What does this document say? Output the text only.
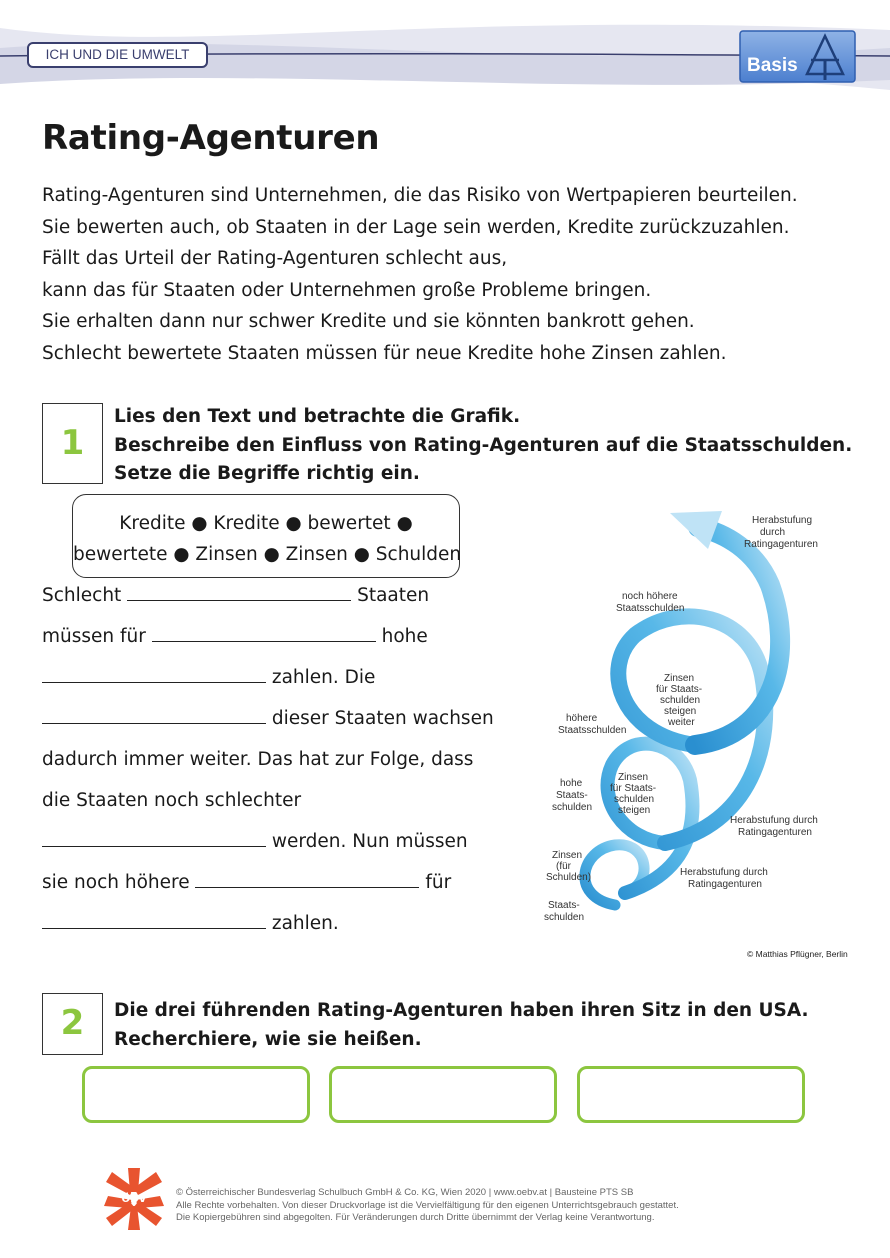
ICH UND DIE UMWELT
Basis
Rating-Agenturen
Rating-Agenturen sind Unternehmen, die das Risiko von Wertpapieren beurteilen.
Sie bewerten auch, ob Staaten in der Lage sein werden, Kredite zurückzuzahlen.
Fällt das Urteil der Rating-Agenturen schlecht aus,
kann das für Staaten oder Unternehmen große Probleme bringen.
Sie erhalten dann nur schwer Kredite und sie könnten bankrott gehen.
Schlecht bewertete Staaten müssen für neue Kredite hohe Zinsen zahlen.
1
Lies den Text und betrachte die Grafik.
Beschreibe den Einfluss von Rating-Agenturen auf die Staatsschulden.
Setze die Begriffe richtig ein.
Kredite ● Kredite ● bewertet ●
bewertete ● Zinsen ● Zinsen ● Schulden
Schlecht	Staaten
müssen für	hohe
zahlen. Die
dieser Staaten wachsen
dadurch immer weiter. Das hat zur Folge, dass
die Staaten noch schlechter
werden. Nun müssen
sie noch höhere	für
zahlen.
Herabstufung durch Ratingagenturen
noch höhere Staatsschulden
Zinsen für Staats-schulden steigen weiter
höhere Staatsschulden
Zinsen für Staats-schulden steigen
hohe Staats-schulden
Herabstufung durch Ratingagenturen
Zinsen (für Schulden)	Herabstufung durch Ratingagenturen
Staats-schulden
© Matthias Pflügner, Berlin
2	Die drei führenden Rating-Agenturen haben ihren Sitz in den USA.
Recherchiere, wie sie heißen.
öbv	© Österreichischer Bundesverlag Schulbuch GmbH & Co. KG, Wien 2020 | www.oebv.at | Bausteine PTS SB
Alle Rechte vorbehalten. Von dieser Druckvorlage ist die Vervielfältigung für den eigenen Unterrichtsgebrauch gestattet.
Die Kopiergebühren sind abgegolten. Für Veränderungen durch Dritte übernimmt der Verlag keine Verantwortung.
